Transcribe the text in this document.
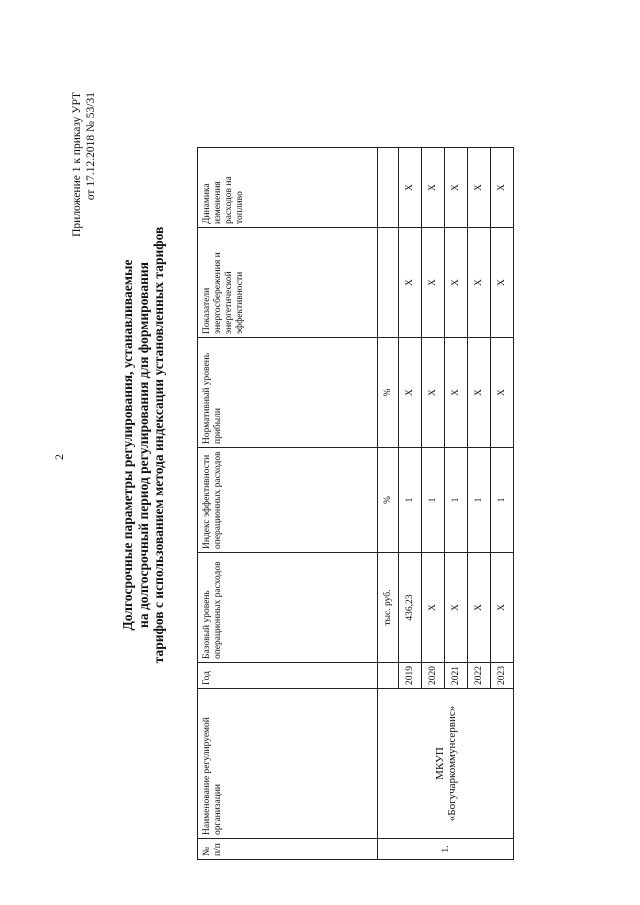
2
Приложение 1 к приказу УРТ от 17.12.2018 № 53/31
Долгосрочные параметры регулирования, устанавливаемые на долгосрочный период регулирования для формирования тарифов с использованием метода индексации установленных тарифов
№ п/п	Наименование регулируемой организации	Год	Базовый уровень операционных расходов	Индекс эффективности операционных расходов	Нормативный уровень прибыли	Показатели энергосбережения и энергетической эффективности	Динамика изменения расходов на топливо
1.	МКУП «Богучаркоммунсервис»		тыс. руб.	%	%		
		2019	436,23	1	X	X	X
		2020	X	1	X	X	X
		2021	X	1	X	X	X
		2022	X	1	X	X	X
		2023	X	1	X	X	X
